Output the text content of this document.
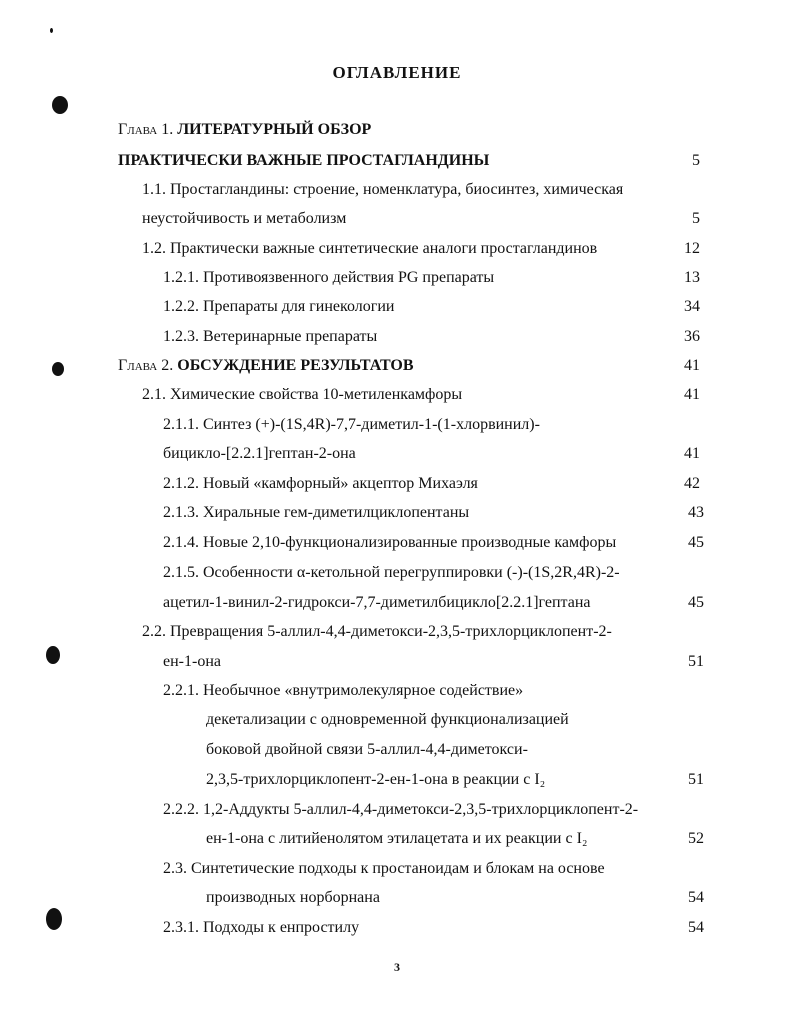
ОГЛАВЛЕНИЕ
Глава 1. ЛИТЕРАТУРНЫЙ ОБЗОР
ПРАКТИЧЕСКИ ВАЖНЫЕ ПРОСТАГЛАНДИНЫ	5
1.1. Простагландины: строение, номенклатура, биосинтез, химическая
неустойчивость и метаболизм	5
1.2. Практически важные синтетические аналоги простагландинов	12
1.2.1. Противоязвенного действия PG препараты	13
1.2.2. Препараты для гинекологии	34
1.2.3. Ветеринарные препараты	36
Глава 2. ОБСУЖДЕНИЕ РЕЗУЛЬТАТОВ	41
2.1. Химические свойства 10-метиленкамфоры	41
2.1.1. Синтез (+)-(1S,4R)-7,7-диметил-1-(1-хлорвинил)-
бицикло-[2.2.1]гептан-2-она	41
2.1.2. Новый «камфорный» акцептор Михаэля	42
2.1.3. Хиральные гем-диметилциклопентаны	43
2.1.4. Новые 2,10-функционализированные производные камфоры	45
2.1.5. Особенности α-кетольной перегруппировки (-)-(1S,2R,4R)-2-
ацетил-1-винил-2-гидрокси-7,7-диметилбицикло[2.2.1]гептана	45
2.2. Превращения 5-аллил-4,4-диметокси-2,3,5-трихлорциклопент-2-
ен-1-она	51
2.2.1. Необычное «внутримолекулярное содействие»
декетализации с одновременной функционализацией
боковой двойной связи 5-аллил-4,4-диметокси-
2,3,5-трихлорциклопент-2-ен-1-она в реакции с I₂	51
2.2.2. 1,2-Аддукты 5-аллил-4,4-диметокси-2,3,5-трихлорциклопент-2-
ен-1-она с литийенолятом этилацетата и их реакции с I₂	52
2.3. Синтетические подходы к простаноидам и блокам на основе
производных норборнана	54
2.3.1. Подходы к енпростилу	54
3
